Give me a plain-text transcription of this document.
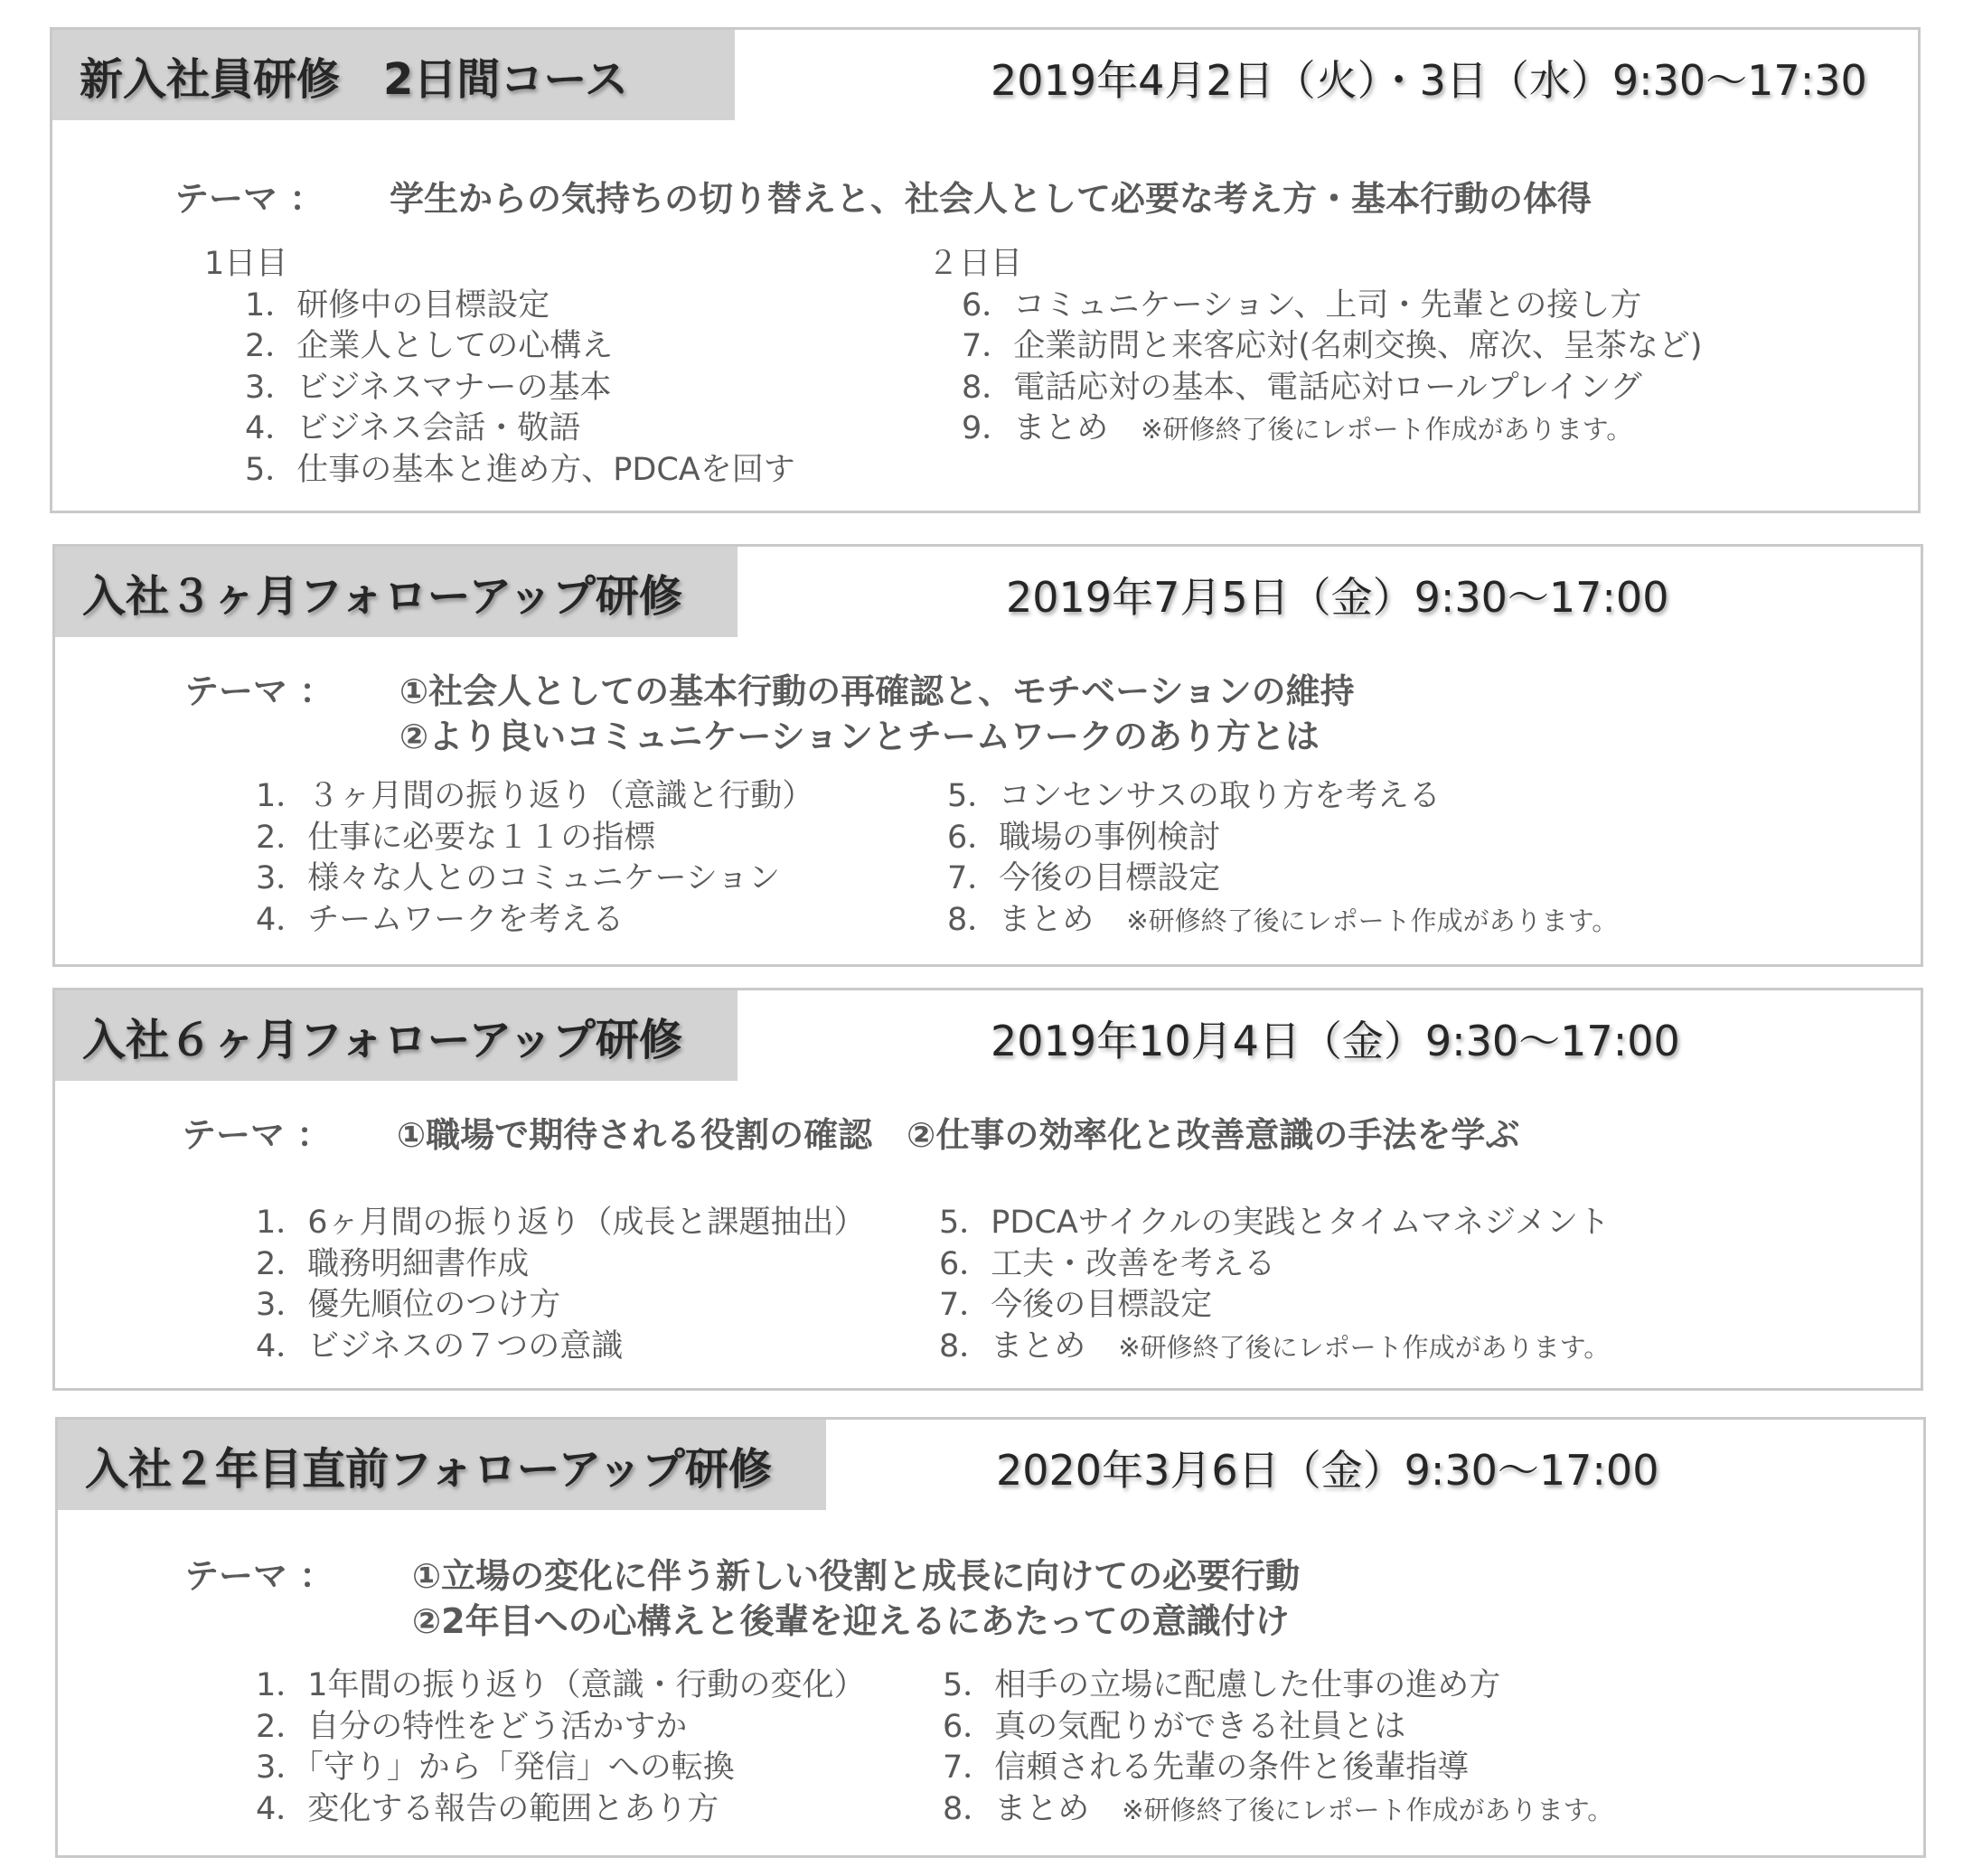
新入社員研修　2日間コース	2019年4月2日（火）・3日（水）9:30～17:30
テーマ ： 学生からの気持ちの切り替えと、社会人として必要な考え方・基本行動の体得
1日目
1．研修中の目標設定
2．企業人としての心構え
3．ビジネスマナーの基本
4．ビジネス会話・敬語
5．仕事の基本と進め方、PDCAを回す
２日目
6．コミュニケーション、上司・先輩との接し方
7．企業訪問と来客応対(名刺交換、席次、呈茶など)
8．電話応対の基本、電話応対ロールプレイング
9．まとめ ※研修終了後にレポート作成があります。
入社３ヶ月フォローアップ研修	2019年7月5日（金）9:30～17:00
テーマ ： ①社会人としての基本行動の再確認と、モチベーションの維持
②より良いコミュニケーションとチームワークのあり方とは
1．３ヶ月間の振り返り（意識と行動）
2．仕事に必要な１１の指標
3．様々な人とのコミュニケーション
4．チームワークを考える
5．コンセンサスの取り方を考える
6．職場の事例検討
7．今後の目標設定
8．まとめ ※研修終了後にレポート作成があります。
入社６ヶ月フォローアップ研修	2019年10月4日（金）9:30～17:00
テーマ ： ①職場で期待される役割の確認　②仕事の効率化と改善意識の手法を学ぶ
1．6ヶ月間の振り返り（成長と課題抽出）
2．職務明細書作成
3．優先順位のつけ方
4．ビジネスの７つの意識
5．PDCAサイクルの実践とタイムマネジメント
6．工夫・改善を考える
7．今後の目標設定
8．まとめ ※研修終了後にレポート作成があります。
入社２年目直前フォローアップ研修	2020年3月6日（金）9:30～17:00
テーマ ： ①立場の変化に伴う新しい役割と成長に向けての必要行動
②2年目への心構えと後輩を迎えるにあたっての意識付け
1．1年間の振り返り（意識・行動の変化）
2．自分の特性をどう活かすか
3．「守り」から「発信」への転換
4．変化する報告の範囲とあり方
5．相手の立場に配慮した仕事の進め方
6．真の気配りができる社員とは
7．信頼される先輩の条件と後輩指導
8．まとめ ※研修終了後にレポート作成があります。
